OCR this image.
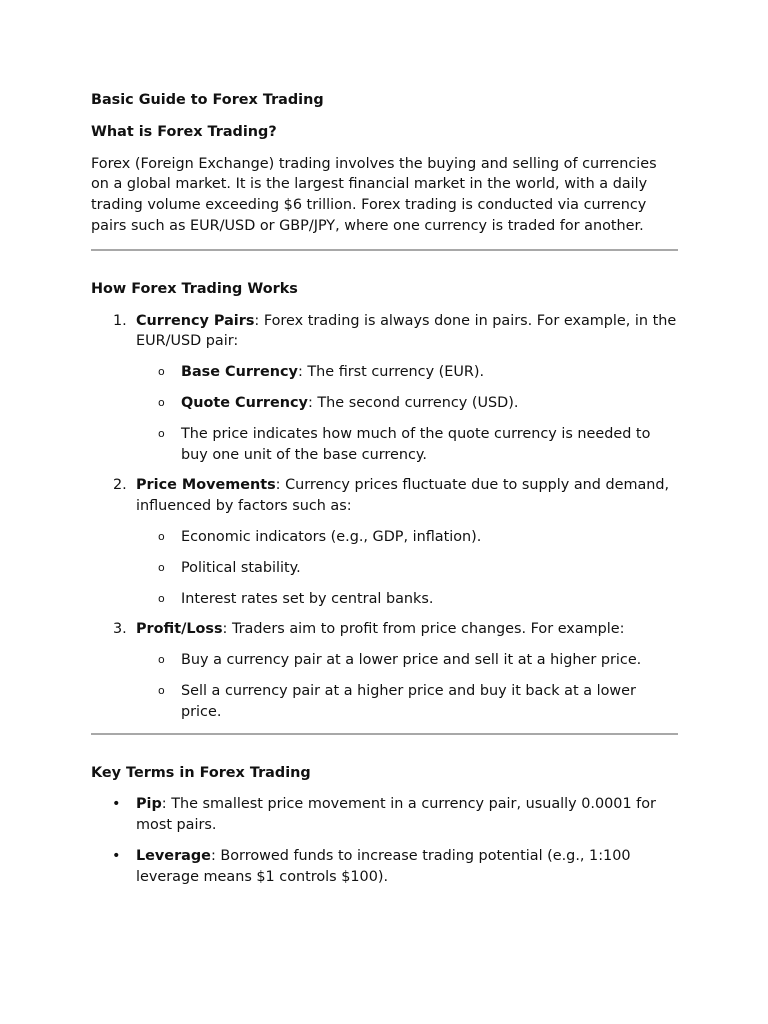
Basic Guide to Forex Trading
What is Forex Trading?

Forex (Foreign Exchange) trading involves the buying and selling of currencies on a global market. It is the largest financial market in the world, with a daily trading volume exceeding $6 trillion. Forex trading is conducted via currency pairs such as EUR/USD or GBP/JPY, where one currency is traded for another.

How Forex Trading Works
1. Currency Pairs: Forex trading is always done in pairs. For example, in the EUR/USD pair:
o Base Currency: The first currency (EUR).
o Quote Currency: The second currency (USD).
o The price indicates how much of the quote currency is needed to buy one unit of the base currency.
2. Price Movements: Currency prices fluctuate due to supply and demand, influenced by factors such as:
o Economic indicators (e.g., GDP, inflation).
o Political stability.
o Interest rates set by central banks.
3. Profit/Loss: Traders aim to profit from price changes. For example:
o Buy a currency pair at a lower price and sell it at a higher price.
o Sell a currency pair at a higher price and buy it back at a lower price.
Key Terms in Forex Trading
• Pip: The smallest price movement in a currency pair, usually 0.0001 for most pairs.
• Leverage: Borrowed funds to increase trading potential (e.g., 1:100 leverage means $1 controls $100).
